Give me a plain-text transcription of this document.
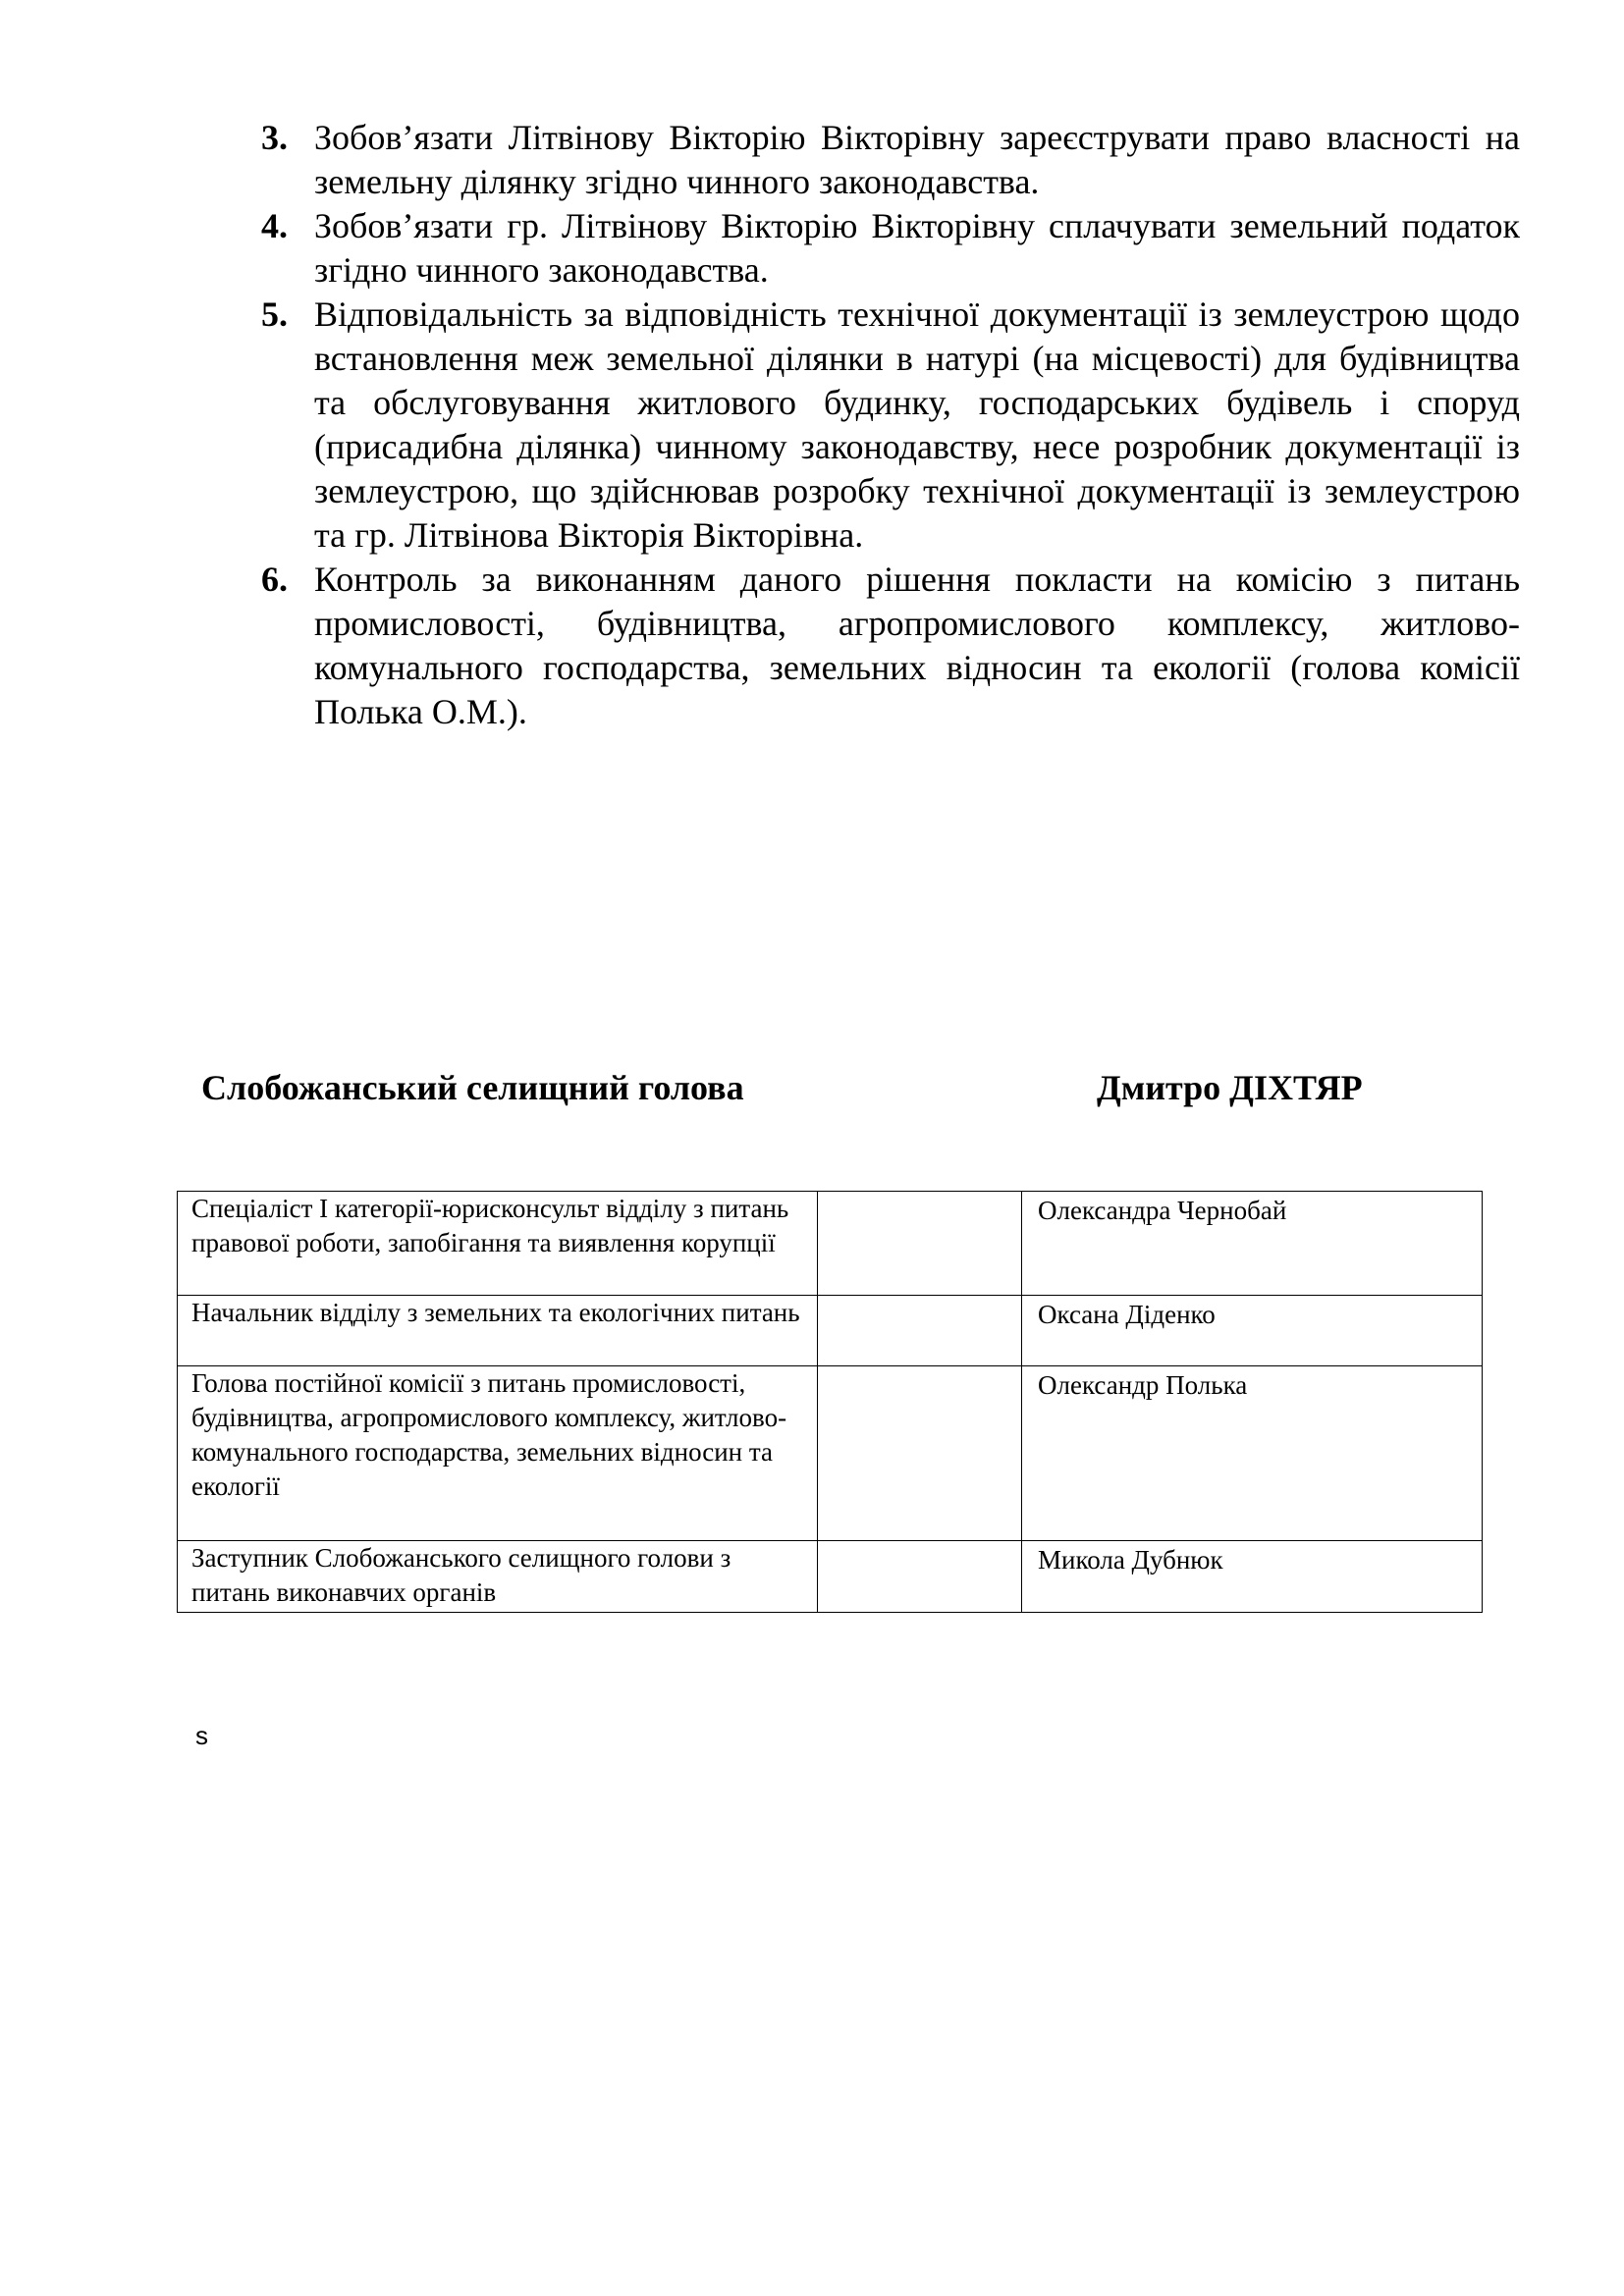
3. Зобов’язати Літвінову Вікторію Вікторівну зареєструвати право власності на земельну ділянку згідно чинного законодавства.
4. Зобов’язати гр. Літвінову Вікторію Вікторівну сплачувати земельний податок згідно чинного законодавства.
5. Відповідальність за відповідність технічної документації із землеустрою щодо встановлення меж земельної ділянки в натурі (на місцевості) для будівництва та обслуговування житлового будинку, господарських будівель і споруд (присадибна ділянка) чинному законодавству, несе розробник документації із землеустрою, що здійснював розробку технічної документації із землеустрою та гр. Літвінова Вікторія Вікторівна.
6. Контроль за виконанням даного рішення покласти на комісію з питань промисловості, будівництва, агропромислового комплексу, житлово-комунального господарства, земельних відносин та екології (голова комісії Полька О.М.).
Слобожанський селищний голова	Дмитро ДІХТЯР
Спеціаліст І категорії-юрисконсульт відділу з питань правової роботи, запобігання та виявлення корупції		Олександра Чернобай
Начальник відділу з земельних та екологічних питань		Оксана Діденко
Голова постійної комісії з питань промисловості, будівництва, агропромислового комплексу, житлово-комунального господарства, земельних відносин та екології		Олександр Полька
Заступник Слобожанського селищного голови з питань виконавчих органів		Микола Дубнюк
s
